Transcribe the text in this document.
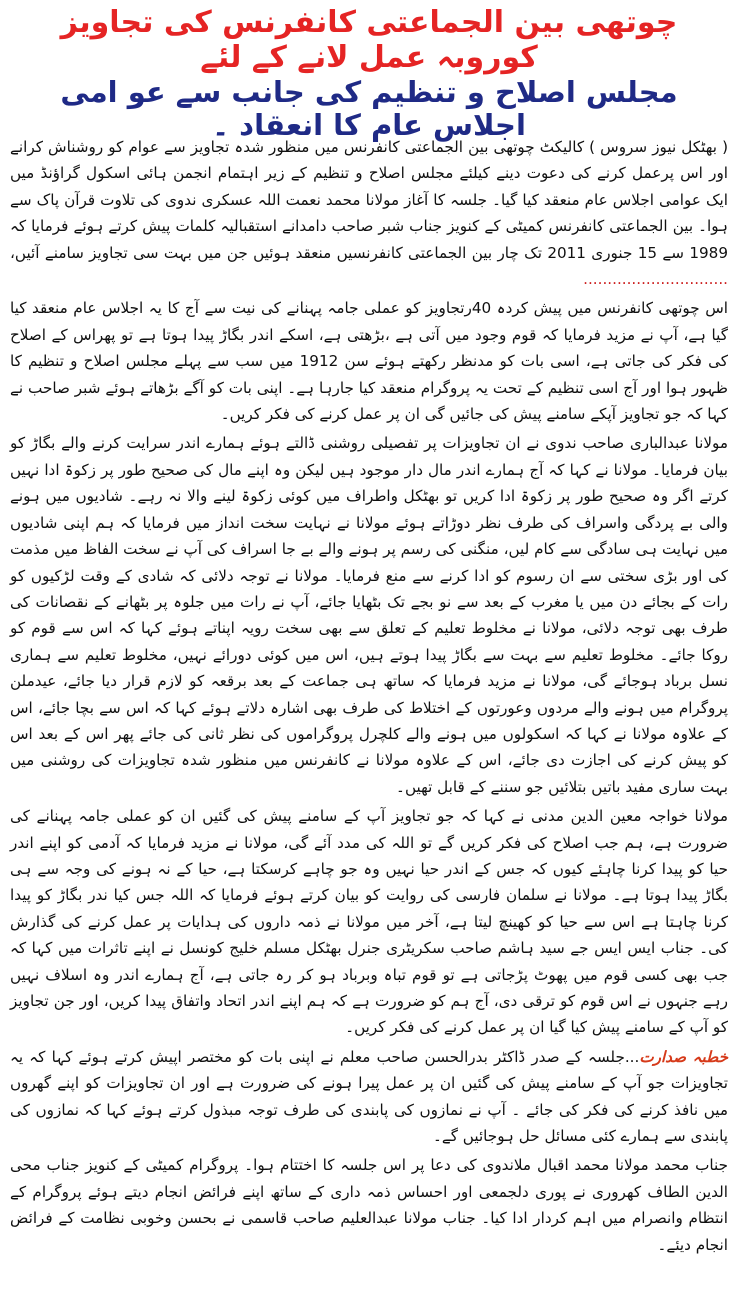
چوتھی بین الجماعتی کانفرنس کی تجاویز کوروبہ عمل لانے کے لئے
مجلس اصلاح و تنظیم کی جانب سے عو امی اجلاس عام کا انعقاد ۔

( بھٹکل نیوز سروس ) کالیکٹ چوتھی بین الجماعتی کانفرنس میں منظور شدہ تجاویز سے عوام کو روشناش کرانے اور اس پرعمل کرنے کی دعوت دینے کیلئے مجلس اصلاح و تنظیم کے زیر اہتمام انجمن ہائی اسکول گراؤنڈ میں ایک عوامی اجلاس عام منعقد کیا گیا۔ جلسہ کا آغاز مولانا محمد نعمت اللہ عسکری ندوی کی تلاوت قرآن پاک سے ہوا۔ بین الجماعتی کانفرنس کمیٹی کے کنویز جناب شبر صاحب دامدانے استقبالیہ کلمات پیش کرتے ہوئے فرمایا کہ 1989 سے 15 جنوری 2011 تک چار بین الجماعتی کانفرنسیں منعقد ہوئیں جن میں بہت سی تجاویز سامنے آئیں، ..............................

اس چوتھی کانفرنس میں پیش کردہ 40رتجاویز کو عملی جامہ پہنانے کی نیت سے آج کا یہ اجلاس عام منعقد کیا گیا ہے، آپ نے مزید فرمایا کہ قوم وجود میں آتی ہے ،بڑھتی ہے، اسکے اندر بگاڑ پیدا ہوتا ہے تو پھراس کے اصلاح کی فکر کی جاتی ہے، اسی بات کو مدنظر رکھتے ہوئے سن 1912 میں سب سے پہلے مجلس اصلاح و تنظیم کا ظہور ہوا اور آج اسی تنظیم کے تحت یہ پروگرام منعقد کیا جارہا ہے۔ اپنی بات کو آگے بڑھاتے ہوئے شبر صاحب نے کہا کہ جو تجاویز آپکے سامنے پیش کی جائیں گی ان پر عمل کرنے کی فکر کریں۔

مولانا عبدالباری صاحب ندوی نے ان تجاویزات پر تفصیلی روشنی ڈالتے ہوئے ہمارے اندر سرایت کرنے والے بگاڑ کو بیان فرمایا۔ مولانا نے کہا کہ آج ہمارے اندر مال دار موجود ہیں لیکن وہ اپنے مال کی صحیح طور پر زکوۃ ادا نہیں کرتے اگر وہ صحیح طور پر زکوۃ ادا کریں تو بھٹکل واطراف میں کوئی زکوۃ لینے والا نہ رہے۔ شادیوں میں ہونے والی بے پردگی واسراف کی طرف نظر دوڑاتے ہوئے مولانا نے نہایت سخت انداز میں فرمایا کہ ہم اپنی شادیوں میں نہایت ہی سادگی سے کام لیں، منگنی کی رسم پر ہونے والے بے جا اسراف کی آپ نے سخت الفاظ میں مذمت کی اور بڑی سختی سے ان رسوم کو ادا کرنے سے منع فرمایا۔ مولانا نے توجہ دلائی کہ شادی کے وقت لڑکیوں کو رات کے بجائے دن میں یا مغرب کے بعد سے نو بجے تک بٹھایا جائے، آپ نے رات میں جلوہ پر بٹھانے کے نقصانات کی طرف بھی توجہ دلائی، مولانا نے مخلوط تعلیم کے تعلق سے بھی سخت رویہ اپناتے ہوئے کہا کہ اس سے قوم کو روکا جائے۔ مخلوط تعلیم سے بہت سے بگاڑ پیدا ہوتے ہیں، اس میں کوئی دورائے نہیں، مخلوط تعلیم سے ہماری نسل برباد ہوجائے گی، مولانا نے مزید فرمایا کہ ساتھ ہی جماعت کے بعد برقعہ کو لازم قرار دیا جائے، عیدملن پروگرام میں ہونے والے مردوں وعورتوں کے اختلاط کی طرف بھی اشارہ دلاتے ہوئے کہا کہ اس سے بچا جائے، اس کے علاوہ مولانا نے کہا کہ اسکولوں میں ہونے والے کلچرل پروگراموں کی نظر ثانی کی جائے پھر اس کے بعد اس کو پیش کرنے کی اجازت دی جائے، اس کے علاوہ مولانا نے کانفرنس میں منظور شدہ تجاویزات کی روشنی میں بہت ساری مفید باتیں بتلائیں جو سننے کے قابل تھیں۔

مولانا خواجہ معین الدین مدنی نے کہا کہ جو تجاویز آپ کے سامنے پیش کی گئیں ان کو عملی جامہ پہنانے کی ضرورت ہے، ہم جب اصلاح کی فکر کریں گے تو اللہ کی مدد آئے گی، مولانا نے مزید فرمایا کہ آدمی کو اپنے اندر حیا کو پیدا کرنا چاہئے کیوں کہ جس کے اندر حیا نہیں وہ جو چاہے کرسکتا ہے، حیا کے نہ ہونے کی وجہ سے ہی بگاڑ پیدا ہوتا ہے۔ مولانا نے سلمان فارسی کی روایت کو بیان کرتے ہوئے فرمایا کہ اللہ جس کیا ندر بگاڑ کو پیدا کرنا چاہتا ہے اس سے حیا کو کھینچ لیتا ہے، آخر میں مولانا نے ذمہ داروں کی ہدایات پر عمل کرنے کی گذارش کی۔ جناب ایس ایس جے سید ہاشم صاحب سکریٹری جنرل بھٹکل مسلم خلیج کونسل نے اپنے تاثرات میں کہا کہ جب بھی کسی قوم میں پھوٹ پڑجاتی ہے تو قوم تباہ وبرباد ہو کر رہ جاتی ہے، آج ہمارے اندر وہ اسلاف نہیں رہے جنہوں نے اس قوم کو ترقی دی، آج ہم کو ضرورت ہے کہ ہم اپنے اندر اتحاد واتفاق پیدا کریں، اور جن تجاویز کو آپ کے سامنے پیش کیا گیا ان پر عمل کرنے کی فکر کریں۔

خطبہ صدارت...جلسہ کے صدر ڈاکٹر بدرالحسن صاحب معلم نے اپنی بات کو مختصر اپیش کرتے ہوئے کہا کہ یہ تجاویزات جو آپ کے سامنے پیش کی گئیں ان پر عمل پیرا ہونے کی ضرورت ہے اور ان تجاویزات کو اپنے گھروں میں نافذ کرنے کی فکر کی جائے ۔ آپ نے نمازوں کی پابندی کی طرف توجہ مبذول کرتے ہوئے کہا کہ نمازوں کی پابندی سے ہمارے کئی مسائل حل ہوجائیں گے۔

جناب محمد مولانا محمد اقبال ملاندوی کی دعا پر اس جلسہ کا اختتام ہوا۔ پروگرام کمیٹی کے کنویز جناب محی الدین الطاف کھروری نے پوری دلجمعی اور احساس ذمہ داری کے ساتھ اپنے فرائض انجام دیتے ہوئے پروگرام کے انتظام وانصرام میں اہم کردار ادا کیا۔ جناب مولانا عبدالعلیم صاحب قاسمی نے بحسن وخوبی نظامت کے فرائض انجام دیئے۔
